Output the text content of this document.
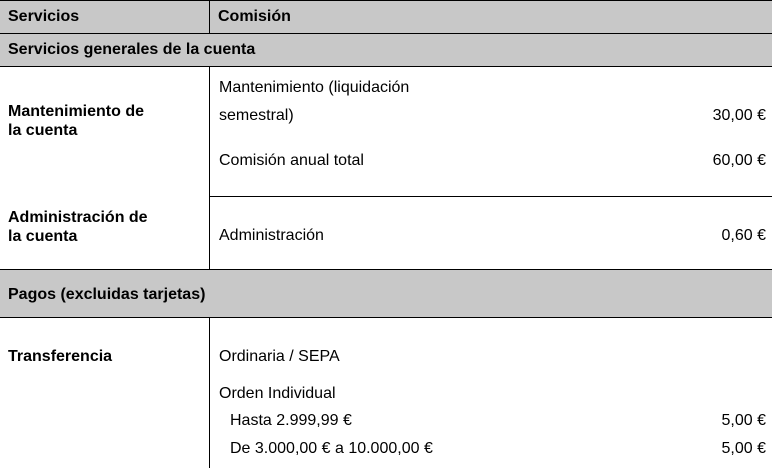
Servicios	Comisión
Servicios generales de la cuenta
Mantenimiento de
la cuenta
Mantenimiento (liquidación
semestral)	30,00 €
Comisión anual total	60,00 €
Administración de
la cuenta	Administración	0,60 €
Pagos (excluidas tarjetas)
Transferencia	Ordinaria / SEPA
Orden Individual
Hasta 2.999,99 €	5,00 €
De 3.000,00 € a 10.000,00 €	5,00 €
